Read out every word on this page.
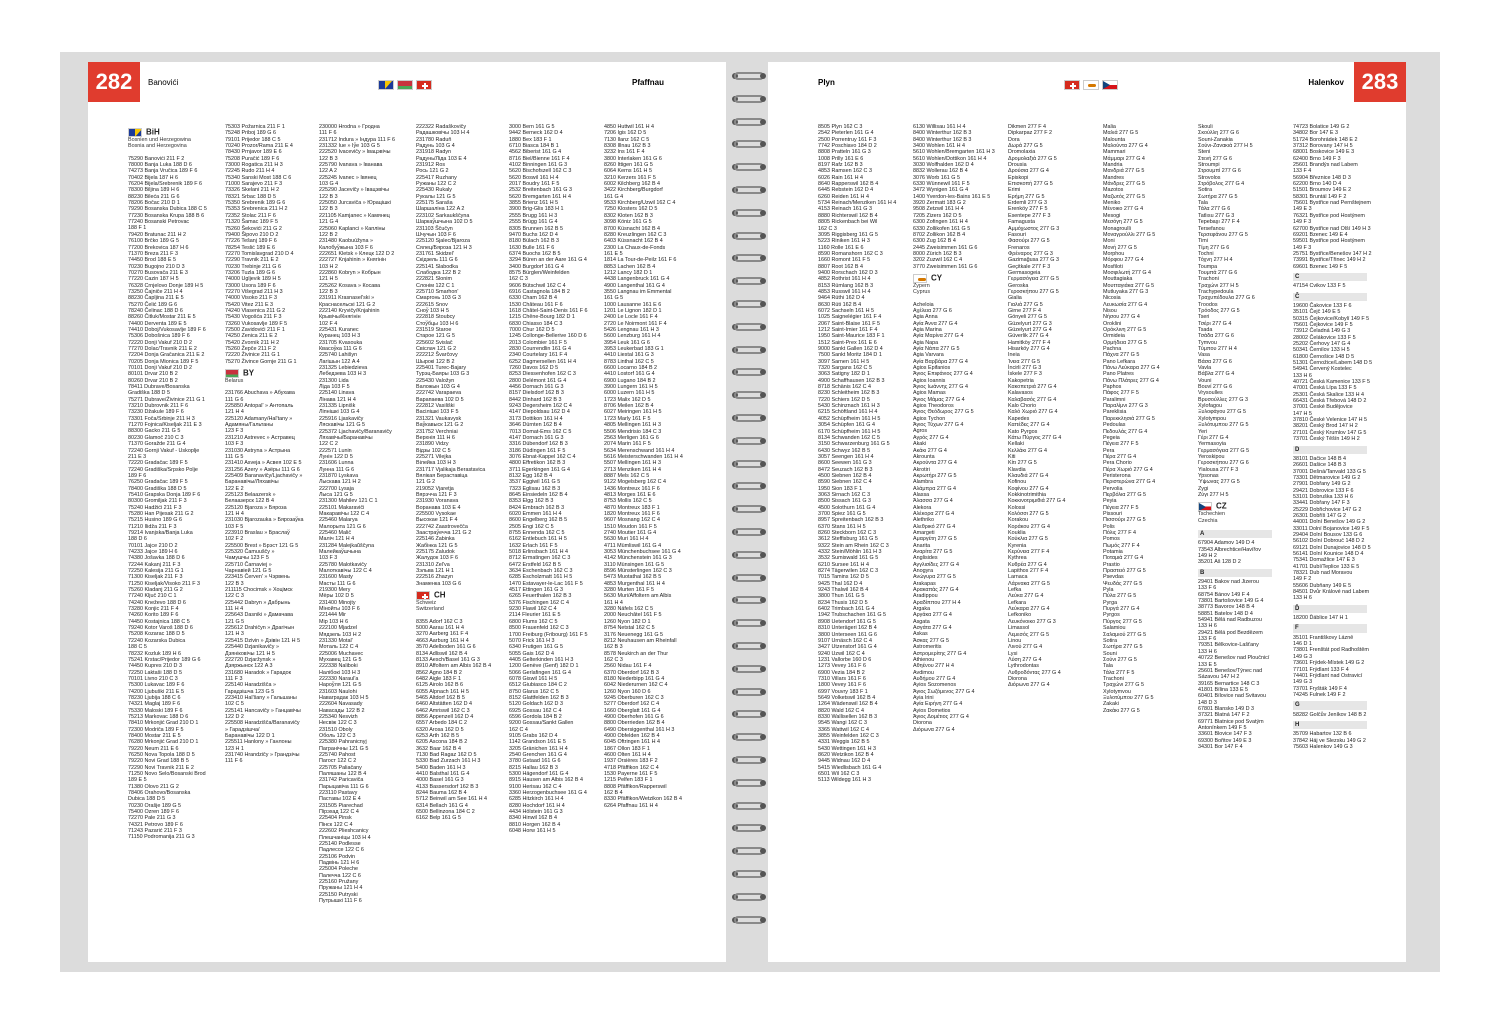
282	Banovići	Pfaffnau
BiH
Bosnien und Herzegowina
Bosnia and Herzegovina
75290 Banovići 211 F 2
78000 Banja Luka 188 D 6
74273 Banja Vručica 189 F 6
70402 Bijela 187 H 6
76204 Bijela/Srebrenik 189 F 6
78300 Biljina 189 H 6
88230 Bileća 211 G 6
78206 Bočac 210 D 1
79290 Bosanska Dubica 188 C 5
77230 Bosanska Krupa 188 B 6
77240 Bosanski Petrovac
188 F 1
79420 Bratunac 211 H 2
76100 Brčko 189 G 5
77200 Brekovica 187 H 6
71370 Breza 211 F 3
74450 Brod 188 E 5
70230 Bugojno 210 D 3
70270 Busovača 211 E 3
77220 Cazin 187 H 5
76328 Crnjelovo Donje 189 H 5
73250 Čajniče 211 H 4
88230 Čapljina 211 E 5
75270 Čelić 189 G 6
78240 Čelinac 188 D 6
88260 Čitluk/Mostar 211 E 5
74400 Derventa 189 E 5
74410 Doboj/Vukosavlje 189 F 6
75306 Dobošnica 189 F 6
72220 Donji Vakuf 210 D 2
77270 Dolac/Travnik 211 E 2
72204 Donja Gračanica 211 E 2
70205 Donja Mionica 189 F 5
70101 Donji Vakuf 210 D 2
80101 Drvar 210 B 2
80260 Drvar 210 B 2
78411 Dubrave/Bosanska
Gradiška 188 D 5
75271 Dubrave/Živinice 211 G 1
73210 Dubrovnik 211 F 6
73230 Džakule 189 F 6
73301 Foča/Srbinje 211 H 3
71270 Fojnica/Kiseljak 211 E 3
88300 Gacko 211 G 5
80230 Glamoč 210 C 3
71370 Goražde 211 G 4
72240 Gornji Vakuf - Uskoplje
211 E 3
72220 Gradačac 189 F 5
72240 Gradiška/Srpsko Polje
189 F 6
76250 Gradačac 189 F 5
78400 Gradiška 188 D 5
75410 Grapska Donja 189 F 6
80300 Gromiljak 211 F 3
75240 Hadžići 211 F 3
75280 Han Pijesak 211 G 2
75215 Husino 189 G 6
71210 Ilidža 211 F 3
79214 Ivanjska/Banja Luka
188 D 6
70101 Jajce 210 D 2
74233 Jajce 189 H 6
74380 Jošavka 188 D 6
72244 Kakanj 211 F 3
72250 Kalesija 211 G 1
71300 Kiseljak 211 F 3
71250 Kiseljak/Visoko 211 F 3
75260 Kladanj 211 G 2
77240 Ključ 210 C 1
74240 Kneževo 188 D 6
73280 Konjic 211 F 4
74260 Korito 189 F 6
74450 Kostajnica 188 C 5
79240 Kotor Varoš 188 D 6
75208 Kozarac 188 D 5
72240 Kozarska Dubica
188 C 5
78232 Kozluk 189 H 6
75241 Krstac/Prijedor 189 G 6
74450 Kupres 210 D 3
72250 Laktaši 188 D 5
70101 Livno 210 C 3
75300 Lukavac 189 F 6
74200 Ljubuški 211 E 5
78230 Ljubija 188 C 6
74321 Maglaj 189 F 6
75330 Maloski 189 F 6
75213 Markovac 188 D 6
78410 Mrkonjić Grad 210 D 1
72300 Modriča 189 F 5
78400 Mostar 211 E 5
76280 Mrkonjić Grad 210 D 1
79220 Neum 211 E 6
76250 Nova Topola 188 D 5
79220 Novi Grad 188 B 5
72290 Novi Travnik 211 E 2
71250 Novo Selo/Bosanski Brod
189 E 5
71380 Olovo 211 G 2
78406 Orahovo/Bosanska
Dubica 188 D 5
70230 Orašje 189 G 5
75400 Ozren 189 F 6
72270 Pale 211 G 3
74321 Petrovo 189 F 6
71243 Pazarić 211 F 3
71150 Podromanija 211 G 3
75303 Požarnica 211 F 1
75248 Priboj 189 G 6
79101 Prijedor 188 C 5
70240 Prozor/Rama 211 E 4
78430 Prnjavor 189 E 6
75208 Puračić 189 F 6
73000 Rogatica 211 H 3
72245 Rudo 211 H 4
75340 Sanski Most 188 C 6
71000 Sarajevo 211 F 3
73326 Skelani 211 H 2
78321 Srbac 188 D 5
75350 Srebrenik 189 G 6
75353 Srebrenica 211 H 2
72352 Stolac 211 F 6
71320 Šamac 189 F 5
75260 Šekovići 211 G 2
79400 Šipovo 210 D 2
77226 Tešanj 189 F 6
78254 Teslić 189 E 6
72270 Tomislavgrad 210 D 4
72290 Travnik 211 E 2
70230 Trebinje 211 G 6
73206 Tuzla 189 G 6
74000 Ugljevik 189 H 5
73000 Usora 189 F 6
72270 Višegrad 211 H 3
74000 Visoko 211 F 3
75420 Vitez 211 E 3
74240 Vlasenica 211 G 2
75430 Vogošća 211 F 3
73260 Vukosavlje 189 F 5
72500 Zavidovići 211 F 1
74250 Zenica 211 E 2
75420 Zvornik 211 H 2
75260 Žepče 211 F 2
72220 Živinice 211 G 1
75270 Živince Gornje 211 G 1
BY
Belarus
231766 Abuchava » Абухава
111 G 6
225850 Antopal' » Антопаль
121 H 4
225120 Adamany/Hal'tany »
Адамяны/Гальтаны
123 F 3
231210 Astrevec » Астравец
103 F 3
231030 Astryna » Астрына
111 G 5
231410 Asveja » Асвея 102 E 5
231256 Azery » Азёры 111 G 6
225409 Baranavičy/Ljachavičy »
Баранавічы/Ляхавічы
122 E 2
225123 Belaazersk »
Белаазерск 122 B 4
225120 Bjaroza » Бяроза
121 H 4
231030 Bjarozauka » Бярозаўка
103 F 5
223910 Braslau » Браслаў
102 F 2
225500 Brest » Брэст 121 G 5
225320 Čamuuščy »
Чамушчы 123 F 5
225710 Čarnaviej »
Чарнавіей 121 G 5
223415 Červen' » Чэрвень
122 B 3
211115 Chocimsk » Хоцімск
122 C 3
225442 Dabryn » Дабрынь
111 H 4
225643 Dasniki » Дамачава
121 G 5
225612 Drahičyn » Драгічын
121 H 3
225415 Dzivin » Дзівін 121 H 5
225440 Dzjanikavičy »
Дзяніковічы 121 H 5
222720 Dzjaržynsk »
Дзяржынск 122 A 3
231680 Haradok » Гарадок
111 F 3
225140 Haradzišča »
Гарадзішча 123 G 5
223410 Hal'šany » Гальшаны
102 C 5
225141 Hancavičy » Ганцавічы
122 D 2
225508 Haradzišča/Baranavičy
» Гарадзішча/
Баранавічы 122 D 1
225511 Hanlony » Ганлоны
123 H 1
231740 Hrandzičy » Грандзічы
111 F 6
230000 Hrodna » Гродна
111 F 6
231712 Indura » Індура 111 F 6
231332 Iue » Іўе 103 G 5
222520 Ivacevičy » Івацэвічы
122 B 3
225790 Ivanava » Іванава
122 A 2
225245 Ivanec » Івянец
103 G 4
225290 Jacevičy » Івацэвічы
122 B 3
225050 Jurcaviča » Юрацішкі
122 B 3
221105 Kamjanec » Камянец
121 G 4
225060 Kaplanci » Капліны
122 B 2
231480 Kaobuúžyna »
Калобуўжына 103 F 6
222651 Kletsk » Клецк 122 D 2
222727 Knjahinin » Княгінін
103 H 2
222860 Kobryn » Кобрын
121 H 5
225262 Kosava » Косава
122 B 3
231911 Krasnasel'ski »
Краснасельскі 121 G 2
222140 Kryvičy/Knjahinin
Крывічы/Княгінін
102 F 4
225431 Kuranec
Куранец 103 H 3
231705 Kvasouka
Квасоўка 111 G 6
225740 Lahišyn
Лагішын 122 A 4
231325 Lebiedzieva
Лебедзева 103 H 3
231300 Lida
Ліда 103 F 5
225140 Linava
Лінава 121 H 4
231335 Lipnišk
Ліпнішкі 103 G 4
225916 Ljaskavičy
Ляскавічы 121 G 5
225372 Ljachavičy/Baranavičy
Ляхавічы/Баранавічы
122 C 2
222571 Lunin
Лунін 122 D 5
231606 Lunna
Лунна 111 G 6
231870 Lyskava
Лыскава 121 H 2
222700 Lysaja
Лыса 121 G 5
231300 Mahilev 121 C 1
225101 Makaraviči
Макаравічы 122 C 4
225460 Malarya
Малорыта 121 G 6
225460 Malič
Маліч 121 H 4
231284 Malejkaŭščyna
Малейкаўшчына
103 F 3
225780 Malotkavičy
Малоткавічы 122 C 4
231600 Masty
Масты 111 G 6
219300 Mery
Мёры 102 D 5
231400 Minojty
Мінойты 103 F 6
221444 Mir
Мір 103 H 6
222100 Mjadzel
Мядзель 103 H 2
231330 Motal'
Моталь 122 C 4
225006 Muchavec
Мухавец 121 G 5
222338 Naliboki
Налібокі 103 H 3
222330 Naraul'a
Нароўля 121 G 5
231603 Naulohi
Наваградак 103 H 5
222604 Navasady
Навасады 122 B 2
225340 Nesvizh
Несвіж 122 C 3
231510 Oboly
Оболь 122 C 3
225380 Pahranicnyj
Пагранічны 121 G 5
225740 Pahost
Пагост 122 C 2
225705 Paliačany
Паляшаны 122 B 4
231742 Paricaviča
Парыцавіча 111 G 6
223110 Pastavy
Паставы 102 E 4
231505 Piarechad
Пірэхад 122 C 4
225404 Pinsk
Пінск 122 C 4
222602 Plieshcanicy
Плешчаніцы 103 H 4
225140 Podlesse
Падлессе 122 C 6
225106 Podvin
Падвінь 121 H 6
225004 Poleche
Палечча 122 C 6
225160 Pružany
Пружаны 121 H 4
225150 Putryski
Путрышкі 111 F 6
222322 Radaškovičy
Радашковічы 103 H 4
231780 Raduň
Радунь 103 G 4
231918 Radyn
Радунь/Ліда 103 E 4
231912 Ros
Рось 121 G 2
225417 Ruzhany
Ружаны 122 C 2
225430 Rukaly
Рукалы 121 G 5
225175 Saraša
Шаршаліна 122 A 2
223102 Sarkaukščyna
Шаркаўшчына 102 D 5
231103 Ščučyn
Шчучын 103 F 6
225120 Sjalec/Bjaroza
Сялец/Бяроза 121 H 3
231761 Skidzel'
Скідзель 111 G 6
225141 Slabodka
Слабодка 122 B 2
222821 Slonim
Слонім 122 C 1
225710 Smarhon'
Смаргонь 103 G 3
222615 Snov
Сноў 103 H 5
222818 Stoubcy
Стоўбцы 103 H 6
231519 Staroe
Старое 121 G 5
225602 Svislač
Свіслач 121 G 2
222212 Švarčovy
Шырокі 122 B 2
225401 Turec-Bajary
Турэц-Баяры 103 G 3
225430 Valožyn
Валожын 103 G 4
222742 Varapaeva
Варапаева 102 D 5
222812 Vasiliški
Васілішкі 103 F 5
231321 Vaukavysk
Ваўкавыск 121 G 2
231752 Verchniai
Верхнія 111 H 6
231890 Vidzy
Відзы 102 C 5
225271 Vilejka
Вілейка 103 H 3
231717 Vjalikaja Berastavica
Вялікая Бераставіца
121 G 2
219052 Vjaretja
Вярэчча 121 F 3
231930 Voranava
Воранава 103 E 4
225500 Vysokae
Высокае 121 F 4
222742 Zaastrovečča
Заастраўечча 121 G 2
225146 Zabinka
Жабінка 121 G 5
225175 Zaludok
Жалудок 103 F 6
231310 Zel'va
Зэльва 121 H 1
222516 Zhazyn
Знаменка 103 G 6
CH
Schweiz
Switzerland
8355 Adorf 162 C 3
5000 Aarau 161 H 4
3270 Aarberg 161 F 4
4663 Aarburg 161 H 4
3570 Adelboden 161 G 6
8134 Adliswil 162 B 4
8133 Aesch/Basel 161 G 3
8910 Affoltern am Albis 162 B 4
8562 Agno 184 B 2
6482 Aigle 183 F 1
6125 Airolo 162 B 6
6055 Alpnach 161 H 5
5465 Altdorf 162 B 5
6460 Altstätten 162 D 4
6462 Amriswil 162 C 3
8856 Appenzell 162 D 4
6557 Arbedo 184 C 2
6320 Arosa 162 D 5
6253 Arth 162 B 5
6205 Ascona 184 B 2
3632 Baar 162 B 4
7130 Bad Ragaz 162 D 5
5330 Bad Zurzach 161 H 3
5400 Baden 161 H 3
4410 Balsthal 161 G 4
4000 Basel 161 G 3
4133 Bassersdorf 162 B 3
8244 Bauma 162 B 4
5712 Beinwil am See 161 H 4
6314 Bellach 161 G 4
6500 Bellinzona 184 C 2
6162 Belp 161 G 5
3000 Bern 161 G 5
9442 Berneck 162 D 4
1880 Bex 183 F 1
6710 Biasca 184 B 1
4562 Biberist 161 G 4
8716 Biel/Bienne 161 F 4
4102 Binningen 161 G 3
5620 Bischofszell 162 C 3
5620 Boswil 161 H 4
2017 Boudry 161 F 5
2532 Breitenbach 161 G 3
5620 Bremgarten 161 H 4
3855 Brienz 161 H 5
3900 Brig-Glis 183 H 1
2555 Brugg 161 H 3
2555 Brügg 161 G 4
8305 Brunnen 162 B 5
9470 Buchs 162 D 4
8180 Bülach 162 B 3
1630 Bulle 161 F 6
6374 Buochs 162 B 5
3294 Büren an der Aare 161 G 4
3400 Burgdorf 161 G 4
8575 Bürglen/Weinfelden
162 C 3
9606 Bütschwil 162 C 4
6916 Castagnola 184 B 2
6330 Cham 162 B 4
1530 Château 161 F 6
1618 Châtel-Saint-Denis 161 F 6
1215 Chêne-Bourg 182 D 1
6830 Chiasso 184 C 3
7000 Chur 162 D 5
1245 Collonge-Bellerive 160 D 6
2013 Colombier 161 F 5
2830 Courrendlin 161 G 4
2340 Courtelary 161 F 4
6252 Dagmersellen 161 H 4
7260 Davos 162 D 5
8253 Diessenhofen 162 C 3
2800 Delémont 161 G 4
4456 Dornach 161 G 3
8157 Dielsdorf 162 B 3
8442 Dinhard 162 B 3
9243 Degersheim 162 C 4
4147 Diepoldsau 162 D 4
3173 Dottikon 161 H 4
3646 Dürnten 162 B 4
7013 Domat-Ems 162 C 5
4147 Dornach 161 G 3
3316 Dübendorf 162 B 3
3186 Düdingen 161 F 5
3076 Ebnat-Kappel 162 C 4
4800 Effretikon 162 B 3
3711 Egerkingen 161 G 4
8132 Egg 162 B 4
3537 Eggiwil 161 G 5
7323 Eglisau 162 B 3
8645 Einsiedeln 162 B 4
8353 Elgg 162 B 3
8424 Embrach 162 B 3
6020 Emmen 161 H 4
8600 Engelberg 162 B 5
2505 Engi 162 C 5
8755 Ennenda 162 C 5
6162 Entlebuch 161 H 5
1632 Erlach 161 F 5
5018 Erlinsbach 161 H 4
8712 Ermatingen 162 C 3
6472 Erstfeld 162 B 5
3634 Eschenbach 162 C 3
6285 Escholzmatt 161 H 5
1470 Estavayer-le-Lac 161 F 5
4517 Ettingen 161 G 3
6265 Feuerthalen 162 B 3
5376 Fischingen 162 C 4
9230 Flawil 162 C 4
2114 Fleurier 161 E 5
6800 Flums 162 C 5
8500 Frauenfeld 162 C 3
1700 Freiburg (Fribourg) 161 F 5
5070 Frick 161 H 3
6340 Frutigen 161 G 5
5055 Gais 162 D 4
4405 Gelterkinden 161 H 3
1200 Genève (Genf) 182 D 1
5066 Gerlafingen 161 G 4
6078 Giswil 161 H 5
6512 Giubiasco 184 C 2
8750 Glarus 162 C 5
8152 Glattfelden 162 B 3
5120 Goldach 162 D 3
6925 Gossau 162 C 4
6596 Gordola 184 B 2
9200 Gossau/Sankt Gallen
162 C 4
9105 Grabs 162 D 4
1142 Grandson 161 E 5
3205 Gränichen 161 H 4
2540 Grenchen 161 G 4
3780 Gstaad 161 G 6
8215 Hallau 162 B 3
5300 Hägendorf 161 G 4
8915 Hausen am Albis 162 B 4
9100 Herisau 162 C 4
3360 Herzogenbuchsee 161 G 4
6285 Hitzkirch 161 H 4
8280 Hochdorf 161 H 4
4434 Hölstein 161 G 3
8340 Hinwil 162 B 4
8810 Horgen 162 B 4
6048 Horw 161 H 5
4850 Huttwil 161 H 4
7206 Igis 162 D 5
7130 Ilanz 162 C 5
8308 Illnau 162 B 3
3232 Ins 161 F 4
3800 Interlaken 161 G 6
8260 Ittigen 161 G 5
6064 Kerns 161 H 5
3210 Kerzers 161 F 5
6002 Kilchberg 162 B 4
3422 Kirchberg/Burgdorf
161 G 4
9533 Kirchberg/Uzwil 162 C 4
7250 Klosters 162 D 5
8302 Kloten 162 B 3
3098 Köniz 161 G 5
8700 Küsnacht 162 B 4
8280 Kreuzlingen 162 C 3
6403 Küssnacht 162 B 4
2300 La Chaux-de-Fonds
161 E 5
1814 La Tour-de-Peilz 161 F 6
8853 Lachen 162 B 4
1212 Lancy 182 D 1
4438 Langenbruck 161 G 4
4900 Langenthal 161 G 4
3550 Langnau im Emmental
161 G 5
1000 Lausanne 161 E 6
1201 Le Lignon 182 D 1
2400 Le Locle 161 F 4
2720 Le Noirmont 161 F 4
5426 Lengnau 161 H 3
5600 Lenzburg 161 H 4
3954 Leuk 161 G 6
3953 Leukerbad 183 G 1
4410 Liestal 161 G 3
8783 Linthal 162 C 5
6600 Locarno 184 B 2
4410 Lostorf 161 G 4
6900 Lugano 184 B 2
3900 Lungern 161 H 5
6000 Luzern 161 H 5
1723 Malix 162 D 5
8706 Meilen 162 B 4
6027 Meiringen 161 H 5
1723 Marly 161 F 5
4805 Mellingen 161 H 3
5506 Mendrisio 184 C 3
2563 Merligen 161 G 6
2074 Marin 161 F 5
5634 Merenschwand 161 H 4
5616 Meisterschwanden 161 H 4
5507 Mellingen 161 H 3
2713 Menziken 161 H 4
8887 Mels 162 C 5
9122 Mogelsberg 162 C 4
1436 Montreux 161 F 6
4813 Morges 161 E 6
8753 Mollis 162 C 5
4870 Montreux 183 F 1
1820 Montreux 161 F 6
9607 Mosnang 162 C 4
1510 Moudon 161 F 5
2740 Moutier 161 G 4
5630 Muri 161 H 4
4711 Mümliswil 161 G 4
3053 Münchenbuchsee 161 G 4
4142 Münchenstein 161 G 3
3110 Münsingen 161 G 5
8596 Münsterlingen 162 C 3
5473 Muotathal 162 B 5
4853 Murgenthal 161 H 4
3280 Murten 161 F 5
5630 Muri/Affoltern am Albis
161 H 4
3280 Näfels 162 C 5
2000 Neuchâtel 161 F 5
1260 Nyon 182 D 1
8754 Netstal 162 C 5
3176 Neuenegg 161 G 5
8212 Neuhausen am Rheinfall
162 B 3
8578 Neukirch an der Thur
162 C 3
2560 Nidau 161 F 4
6370 Oberdorf 162 B 3
8180 Niederbipp 161 G 4
6042 Niederurnen 162 C 4
1260 Nyon 160 D 6
9245 Oberburen 162 C 3
5277 Oberdorf 162 C 4
1660 Oberglatt 161 G 4
4900 Oberhofen 161 G 6
8800 Oberrieden 162 B 4
6490 Obersiggenthal 161 H 3
4900 Obfelden 162 B 4
6045 Oftringen 161 H 4
1867 Ollon 183 F 1
4600 Olten 161 H 4
1937 Orsières 183 F 2
4718 Pfäffikon 162 C 4
1530 Payerne 161 F 5
1215 Pelfen 183 F 1
8808 Pfäffikon/Rapperswil
162 B 4
8330 Pfäffikon/Wetzikon 162 B 4
6264 Pfaffnau 161 H 4
283
Plyn	Halenkov
8505 Plyn 162 C 3
2542 Pieterlen 161 G 4
2500 Porrentruy 161 F 3
7742 Poschiavo 184 D 2
8808 Pratteln 161 G 3
1008 Prilly 161 E 6
8197 Rafz 162 B 3
4853 Ramsen 162 C 3
6026 Rain 161 H 4
8640 Rapperswil 162 B 4
6445 Rebstein 162 D 4
6260 Reiden 161 H 4
5734 Reinach/Menziken 161 H 4
4153 Reinach 161 G 3
8880 Richterswil 162 B 4
8805 Rickenbach bei Wil
162 C 3
3095 Riggisberg 161 G 5
5223 Riniken 161 H 3
1160 Rolle 161 E 6
8590 Romanshorn 162 C 3
1660 Romont 161 F 5
8807 Root 162 B 4
9400 Rorschach 162 D 3
4852 Rothrist 161 H 4
8153 Rümlang 162 B 3
4853 Russwil 161 H 4
9464 Rüthi 162 D 4
8630 Rüti 162 B 4
6072 Sachseln 161 H 5
1025 Saignelégier 161 F 4
2067 Saint-Blaise 161 F 5
1212 Saint-Imier 161 F 4
1950 Saint-Maurice 183 F 1
1512 Saint-Prex 161 E 6
9000 Sankt Gallen 162 D 4
7500 Sankt Moritz 184 D 1
3097 Sarnen 161 H 5
7320 Sargans 162 C 5
3063 Satigny 182 D 1
4900 Schaffhausen 162 B 3
8718 Schänis 162 C 4
8230 Schleitheim 162 B 3
7220 Schiers 162 D 5
5430 Schinznach 161 H 3
6215 Schöftland 161 H 4
4052 Schüpfheim 161 H 5
3054 Schüpfen 161 G 4
6170 Schüpfheim 161 H 5
8134 Schwanden 162 C 5
3150 Schwarzenburg 161 G 5
6430 Schwyz 162 B 5
3057 Seengen 161 H 4
8600 Seewen 161 G 3
8472 Seuzach 162 B 3
4500 Siebnen 162 B 4
8590 Siebnen 162 C 4
1950 Sion 183 F 1
3063 Sirnach 162 C 3
8500 Sissach 161 G 3
4500 Solothurn 161 G 4
3700 Spiez 161 G 5
8957 Spreitenbach 162 B 3
6370 Stans 161 H 5
8260 Steckborn 162 C 3
3612 Steffisburg 161 G 5
9322 Stein am Rhein 162 C 3
4332 Stein/Möhlin 161 H 3
3532 Sumiswald 161 G 5
6210 Sursee 161 H 4
8274 Tägerwilen 162 C 3
7015 Tamins 162 D 5
9425 Thal 162 D 4
9243 Thalwil 162 B 4
3800 Thun 161 G 5
8234 Thusis 162 D 5
6402 Trimbach 161 G 4
1942 Trubschachen 161 G 5
8908 Uetendorf 161 G 5
8310 Unterägeri 162 B 4
3800 Unterseen 161 G 6
9107 Urnäsch 162 C 4
3427 Utzenstorf 161 G 4
9240 Uzwil 162 C 4
1231 Vallorbe 160 D 6
1273 Vevey 161 F 6
6900 Vezia 184 B 2
7310 Villars 161 F 6
1800 Vevey 161 F 6
6997 Vouvry 183 F 1
5649 Volketswil 162 B 4
1264 Wädenswil 162 B 4
8820 Wald 162 C 4
8330 Wallisellen 162 B 3
9545 Wangi 162 C 3
3365 Wattwil 162 C 4
3855 Weinfelden 162 C 3
4331 Weggis 162 B 5
5430 Wettingen 161 H 3
8620 Wetzikon 162 B 4
9445 Widnau 162 D 4
5415 Wiedlisbach 161 G 4
6501 Wil 162 C 3
5113 Wildegg 161 H 3
6130 Willisau 161 H 4
8400 Winterthur 162 B 3
8400 Winterthur 162 B 3
3400 Wohlen 161 H 4
5610 Wohlen/Bremgarten 161 H 3
5610 Wohlen/Dottikon 161 H 4
3030 Wolfhalden 162 D 4
8832 Wollerau 162 B 4
3076 Worb 161 G 5
6330 Wünnewil 161 F 5
3472 Wynigen 161 G 4
1400 Yverdon-les-Bains 161 E 5
3920 Zermatt 183 G 2
9508 Zetzwil 161 H 4
7205 Zizers 162 D 5
6300 Zofingen 161 H 4
6330 Zollikofen 161 G 5
8702 Zollikon 162 B 4
6300 Zug 162 B 4
2445 Zweisimmen 161 G 6
8000 Zürich 162 B 3
3202 Zuzwil 162 C 4
3770 Zweisimmen 161 G 6
CY
Zypern
Cyprus
Acheloia
Αχέλεια 277 G 6
Agia Anna
Αγία Άννα 277 G 4
Agia Marina
Αγία Μαρίνα 277 G 4
Agia Napa
Αγία Νάπα 277 G 5
Agia Varvara
Αγία Βαρβάρα 277 G 4
Agios Epifanios
Άγιος Επιφάνιος 277 G 4
Agios Ioannis
Άγιος Ιωάννης 277 G 4
Agios Mamas
Άγιος Μάμας 277 G 4
Agios Theodoros
Άγιος Θεόδωρος 277 G 5
Agios Tychon
Άγιος Τύχων 277 G 4
Agros
Αγρός 277 G 4
Akaki
Ακάκι 277 G 4
Akrounta
Ακρούντα 277 G 4
Akrotiri
Ακρωτήρι 277 G 5
Alambra
Αλάμπρα 277 G 4
Alassa
Άλασσα 277 G 4
Alekora
Αλέκορα 277 G 4
Alethriko
Αλεθρικό 277 G 4
Amargeti
Αμαργέτη 277 G 5
Anarita
Αναρίτα 277 G 5
Anglisides
Αγγλισίδες 277 G 4
Anogyra
Ανώγυρα 277 G 5
Arakapas
Αρακαπάς 277 G 4
Aradippou
Αραδίππου 277 H 4
Argaka
Αργάκα 277 G 4
Asgata
Ασγάτα 277 G 4
Askas
Άσκας 277 G 5
Astromeritis
Αστρομερίτης 277 G 4
Athienou
Αθηένου 277 H 4
Avdimou
Αυδήμου 277 G 4
Ayios Sozomenos
Άγιος Σωζόμενος 277 G 4
Ayia Irini
Αγία Ειρήνη 277 G 4
Ayios Dometios
Άγιος Δομέτιος 277 G 4
Diorona
Διόρωνα 277 G 4
Dikmen 277 F 4
Dipkarpaz 277 F 2
Dora
Δωρά 277 G 5
Dromolaxia
Δρομολαξιά 277 G 5
Drousia
Δρούσια 277 G 4
Episkopi
Επισκοπή 277 G 5
Erimi
Ερήμη 277 G 5
Erdemli 277 G 3
Erenköy 277 F 5
Esentepe 277 F 3
Famagusta
Αμμόχωστος 277 G 3
Fasouri
Φασούρι 277 G 5
Frenaros
Φρέναρος 277 G 3
Gazimağusa 277 G 3
Geçitkale 277 F 3
Germasogeia
Γερμασόγεια 277 G 5
Geroska
Γεροσκήπου 277 G 5
Gialia
Γιαλιά 277 G 5
Girne 277 F 4
Gönyeli 277 G 5
Güzelyurt 277 G 3
Güzelyurt 277 G 4
Güverlik 277 G 4
Hamitköy 277 F 4
Hisarköy 277 G 4
Ineia
Ίνεια 277 G 5
İncirli 277 G 3
İskele 277 F 3
Kakopetria
Κακοπετριά 277 G 4
Kalavasos
Καλαβασός 277 G 4
Kalo Chorio
Καλό Χωριό 277 G 4
Kapedes
Καπέδες 277 G 4
Kato Pyrgos
Κάτω Πύργος 277 G 4
Kellaki
Κελλάκι 277 G 4
Kiti
Κίτι 277 G 5
Klavdia
Κλαυδιά 277 G 4
Kofinou
Κοφίνου 277 G 4
Kokkinotrimithia
Κοκκινοτριμιθιά 277 G 4
Kolossi
Κολόσσι 277 G 5
Korakou
Κοράκου 277 G 4
Kouklia
Κούκλια 277 G 5
Kyrenia
Κερύνεια 277 F 4
Kythrea
Κυθρέα 277 G 4
Lapithos 277 F 4
Larnaca
Λάρνακα 277 G 5
Lefka
Λεύκα 277 G 4
Lefkara
Λεύκαρα 277 G 4
Lefkoniko
Λευκόνοικο 277 G 3
Limassol
Λεμεσός 277 G 5
Linou
Λινού 277 G 4
Lysi
Λύση 277 G 4
Lythrodontas
Λυθροδόντας 277 G 4
Diorona
Διόρωνα 277 G 4
Malia
Μαλιά 277 G 5
Malounta
Μαλούντα 277 G 4
Mammari
Μάμμαρι 277 G 4
Mandria
Μανδριά 277 G 5
Mandres
Μάνδρες 277 G 5
Mazotos
Μαζωτός 277 G 5
Meniko
Μένοικο 277 G 4
Mesogi
Μεσόγη 277 G 5
Monagroulli
Μοναγρούλλι 277 G 5
Moni
Μονή 277 G 5
Morphou
Μόρφου 277 G 4
Mosfiloti
Μοσφιλωτή 277 G 4
Mouttagiaka
Μουτταγιάκα 277 G 5
Mutluyaka 277 G 3
Nicosia
Λευκωσία 277 G 4
Nisou
Νήσου 277 G 4
Oroklini
Ορόκλινη 277 G 5
Ormideia
Ορμήδεια 277 G 5
Pachna
Πάχνα 277 G 5
Pano Lefkara
Πάνω Λεύκαρα 277 G 4
Pano Platres
Πάνω Πλάτρες 277 G 4
Paphos
Πάφος 277 F 5
Paralimni
Παραλίμνι 277 G 3
Pareklisia
Παρεκκλησιά 277 G 5
Pedoulas
Πεδουλάς 277 G 4
Pegeia
Πέγεια 277 F 5
Pera
Πέρα 277 G 4
Pera Chorio
Πέρα Χωριό 277 G 4
Peristerona
Περιστερώνα 277 G 4
Pervolia
Περβόλια 277 G 5
Peyia
Πέγεια 277 F 5
Pissouri
Πισσούρι 277 G 5
Polis
Πόλις 277 F 4
Pomos
Πωμός 277 F 4
Potamia
Ποταμιά 277 G 4
Prastio
Πραστειό 277 G 5
Psevdas
Ψευδάς 277 G 5
Pyla
Πύλα 277 G 5
Pyrga
Πυργά 277 G 4
Pyrgos
Πύργος 277 G 5
Salamiou
Σαλαμιού 277 G 5
Sotira
Σωτήρα 277 G 5
Souni
Σούνι 277 G 5
Tala
Τάλα 277 F 5
Trachoni
Τραχώνι 277 G 5
Xylotymvou
Ξυλοτύμπου 277 G 5
Zakaki
Ζακάκι 277 G 5
Skouli
Σκούλλη 277 G 6
Souni-Zanakia
Σούνι-Ζανακιά 277 H 5
Steni
Στενή 277 G 6
Stroumpi
Στρουμπί 277 G 6
Strovolos
Στρόβολος 277 G 4
Sotira
Σωτήρα 277 G 5
Tala
Τάλα 277 G 6
Tatlısu 277 G 3
Tepebaşı 277 F 4
Tersefanou
Τερσεφάνου 277 G 5
Timi
Τίμη 277 G 6
Tochni
Τόχνη 277 H 4
Toumpa
Τουμπά 277 G 6
Trachoni
Τραχώνι 277 H 5
Trachypedoula
Τραχυπέδουλα 277 G 6
Troodos
Τρόοδος 277 G 5
Tseri
Τσέρι 277 G 4
Tsada
Τσάδα 277 G 6
Tymvou
Τύμπου 277 H 4
Vasa
Βάσα 277 G 6
Vavla
Βάβλα 277 G 4
Vouni
Βουνί 277 G 6
Vrysoulles
Βρυσούλλες 277 G 3
Xylofagou
Ξυλοφάγου 277 G 5
Xylotympou
Ξυλότυμπου 277 G 5
Yeri
Γέρι 277 G 4
Yermasoyia
Γερμασόγεια 277 G 5
Yeroskipou
Γεροσκήπου 277 G 6
Yialousa 277 F 3
Ypsonas
Ύψωνας 277 G 5
Zygi
Ζύγι 277 H 5
CZ
Tschechien
Czechia
A
67904 Adamov 149 D 4
73543 Albrechtice/Havířov
149 H 2
35201 Aš 128 D 2
B
29401 Bakov nad Jizerou
133 F 6
68754 Bánov 149 F 4
73801 Bartošovice 149 G 4
38773 Bavorov 148 B 4
58851 Batelov 148 D 4
54941 Bělá nad Radbuzou
133 H 6
29421 Bělá pod Bezdězem
133 F 6
79351 Bělkovice-Lašťany
133 H 6
40722 Benešov nad Ploučnicí
133 E 5
25601 Benešov/Týnec nad
Sázavou 147 H 2
39165 Bernartice 148 C 3
41801 Bílina 133 E 5
60401 Bílovice nad Svitavou
148 D 3
67801 Blansko 149 D 3
37321 Blatná 147 F 2
69771 Blatnice pod Svatým
Antonínkem 149 F 5
33601 Blovice 147 F 3
69300 Bořitov 149 E 3
34301 Bor 147 F 4
74723 Bolatice 149 G 2
34802 Bor 147 E 3
51724 Borohrádek 148 E 2
37312 Borovany 147 H 5
68001 Boskovice 149 E 3
62400 Brno 149 F 3
25601 Brandýs nad Labem
133 F 4
56904 Březnice 148 D 3
62200 Brno 140 D 4
51501 Broumov 149 E 2
58301 Bruntál 149 F 2
75601 Bystřice nad Pernštejnem
149 E 3
76321 Bystřice pod Hostýnem
149 F 3
62700 Bystřice nad Olší 149 H 3
69201 Bzenec 149 E 4
59501 Bystřice pod Hostýnem
149 F 3
25751 Bystřice/Benešov 147 H 2
73991 Bystřice/Třinec 149 H 2
69601 Bzenec 149 F 5
C
47154 Cvikov 133 F 5
Č
19600 Čakovice 133 F 6
35101 Čejč 149 E 5
50315 Čejkovice/Kobylí 149 F 5
75601 Čejkovice 149 F 5
73912 Čeladná 149 G 3
28002 Čelákovice 133 F 5
25202 Čerhovy 147 G 4
50341 Černilov 133 H 5
61800 Černošice 148 D 5
51301 Černožice/Labem 148 D 5
54941 Červený Kostelec
133 H 6
40721 Česká Kamenice 133 F 5
47001 Česká Lípa 133 F 5
25301 Česká Skalice 133 H 4
66431 Česká Třebová 148 D 2
37001 České Budějovice
147 H 5
37810 České Velenice 147 H 5
38201 Český Brod 147 H 2
27101 Český Krumlov 147 G 5
73701 Český Těšín 149 H 2
D
38101 Dačice 148 B 4
26601 Dašice 148 B 3
37001 Dešná/Tanvald 133 G 5
73301 Dětmarovice 149 G 2
27901 Dobřany 149 G 2
29421 Dobrovice 133 F 6
53101 Dobruška 133 H 6
33441 Dobřany 147 F 3
25229 Dobřichovice 147 G 2
26301 Dobříš 147 G 2
44001 Dolní Benešov 149 G 2
33011 Dolní Bojanovice 149 F 5
29404 Dolní Bousov 133 G 6
56102 Dolní Dobrouč 148 D 2
69121 Dolní Dunajovice 148 D 5
56141 Dolní Kounice 148 D 4
75341 Domažlice 147 E 3
41701 Dubí/Teplice 133 E 5
78321 Dub nad Moravou
149 F 2
55606 Dubňany 149 E 5
84501 Dvůr Králové nad Labem
133 H 6
Ď
18200 Ďáblice 147 H 1
F
35101 Františkovy Lázně
146 D 1
73801 Frenštát pod Radhoštěm
149 G 3
73601 Frýdek-Místek 149 G 2
77101 Frýdlant 133 F 4
74401 Frýdlant nad Ostravicí
149 G 3
73701 Fryšták 149 F 4
74245 Fulnek 149 F 2
G
58282 Golčův Jeníkov 148 B 2
H
35709 Habartov 132 B 6
37842 Háj ve Slezsku 149 G 2
75603 Halenkov 149 G 3
